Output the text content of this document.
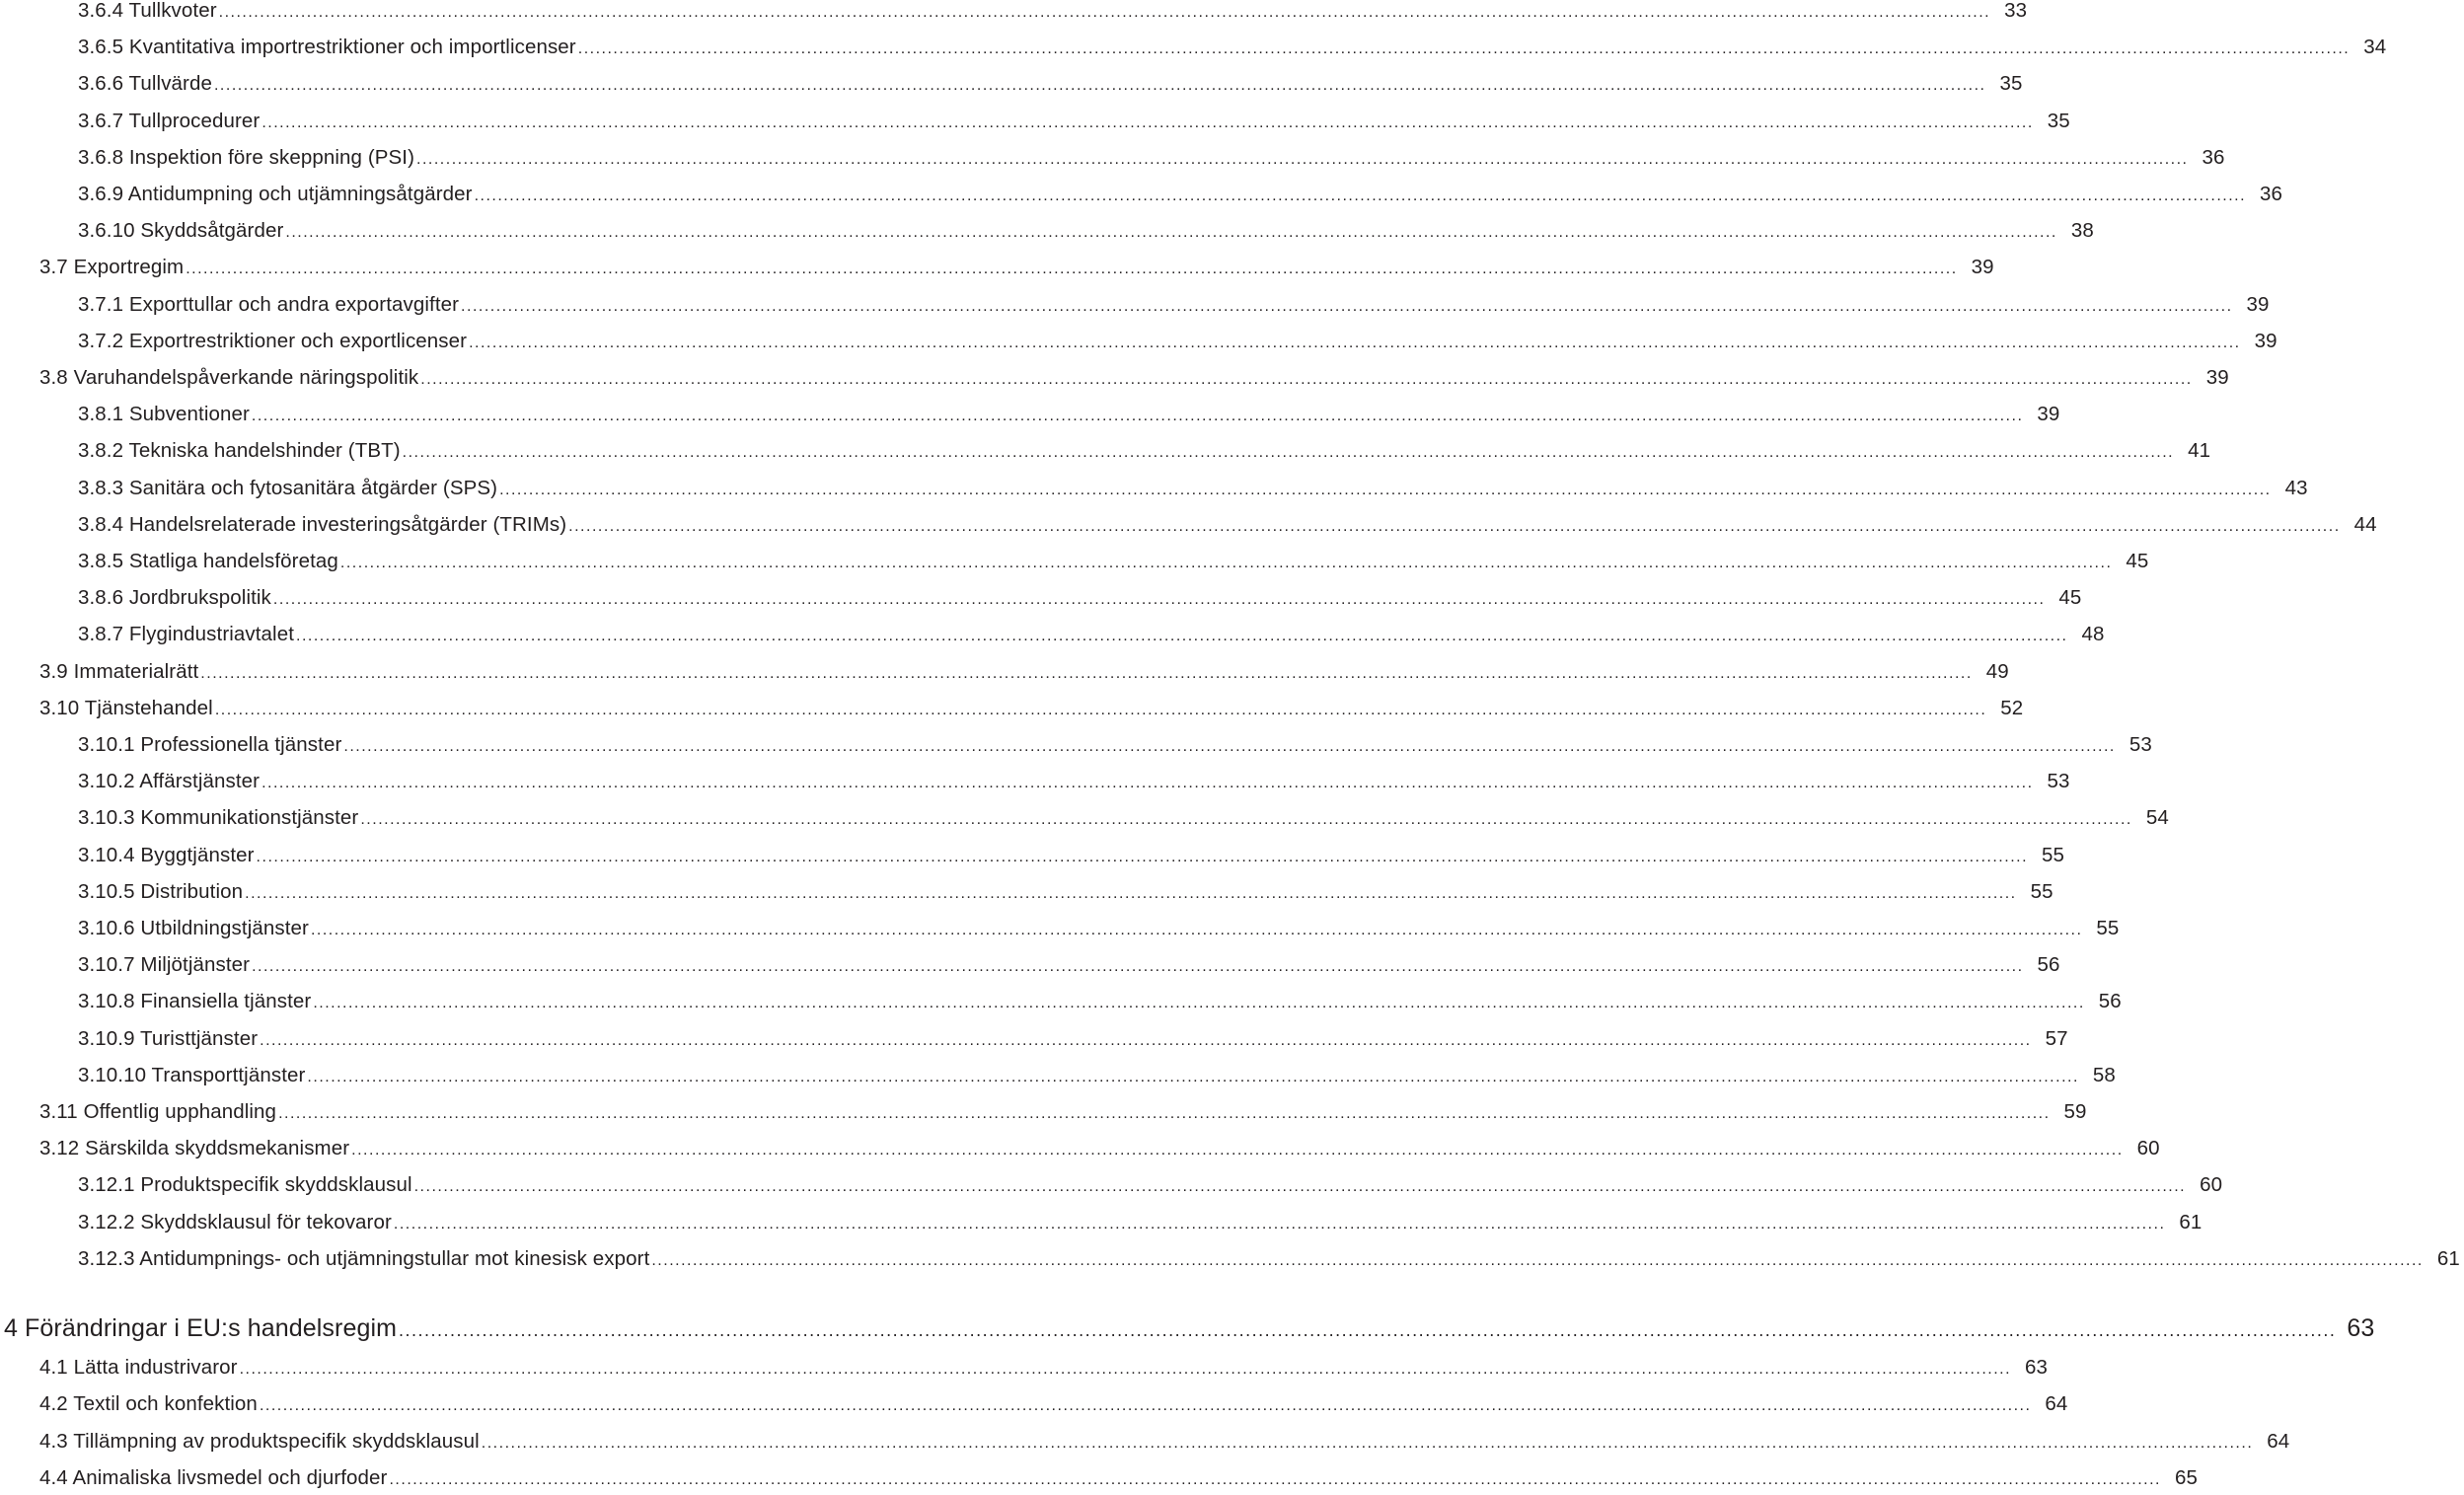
3.6.4 Tullkvoter .....	33
3.6.5 Kvantitativa importrestriktioner och importlicenser .....	34
3.6.6 Tullvärde .....	35
3.6.7 Tullprocedurer .....	35
3.6.8 Inspektion före skeppning (PSI) .....	36
3.6.9 Antidumpning och utjämningsåtgärder .....	36
3.6.10 Skyddsåtgärder .....	38
3.7 Exportregim .....	39
3.7.1 Exporttullar och andra exportavgifter .....	39
3.7.2 Exportrestriktioner och exportlicenser .....	39
3.8 Varuhandelspåverkande näringspolitik .....	39
3.8.1 Subventioner .....	39
3.8.2 Tekniska handelshinder (TBT) .....	41
3.8.3 Sanitära och fytosanitära åtgärder (SPS) .....	43
3.8.4 Handelsrelaterade investeringsåtgärder (TRIMs) .....	44
3.8.5 Statliga handelsföretag .....	45
3.8.6 Jordbrukspolitik .....	45
3.8.7 Flygindustriavtalet .....	48
3.9 Immaterialrätt .....	49
3.10 Tjänstehandel .....	52
3.10.1 Professionella tjänster .....	53
3.10.2 Affärstjänster .....	53
3.10.3 Kommunikationstjänster .....	54
3.10.4 Byggtjänster .....	55
3.10.5 Distribution .....	55
3.10.6 Utbildningstjänster .....	55
3.10.7 Miljötjänster .....	56
3.10.8 Finansiella tjänster .....	56
3.10.9 Turisttjänster .....	57
3.10.10 Transporttjänster .....	58
3.11 Offentlig upphandling .....	59
3.12 Särskilda skyddsmekanismer .....	60
3.12.1 Produktspecifik skyddsklausul .....	60
3.12.2 Skyddsklausul för tekovaror .....	61
3.12.3 Antidumpnings- och utjämningstullar mot kinesisk export .....	61
4 Förändringar i EU:s handelsregim .....	63
4.1 Lätta industrivaror .....	63
4.2 Textil och konfektion .....	64
4.3 Tillämpning av produktspecifik skyddsklausul .....	64
4.4 Animaliska livsmedel och djurfoder .....	65
